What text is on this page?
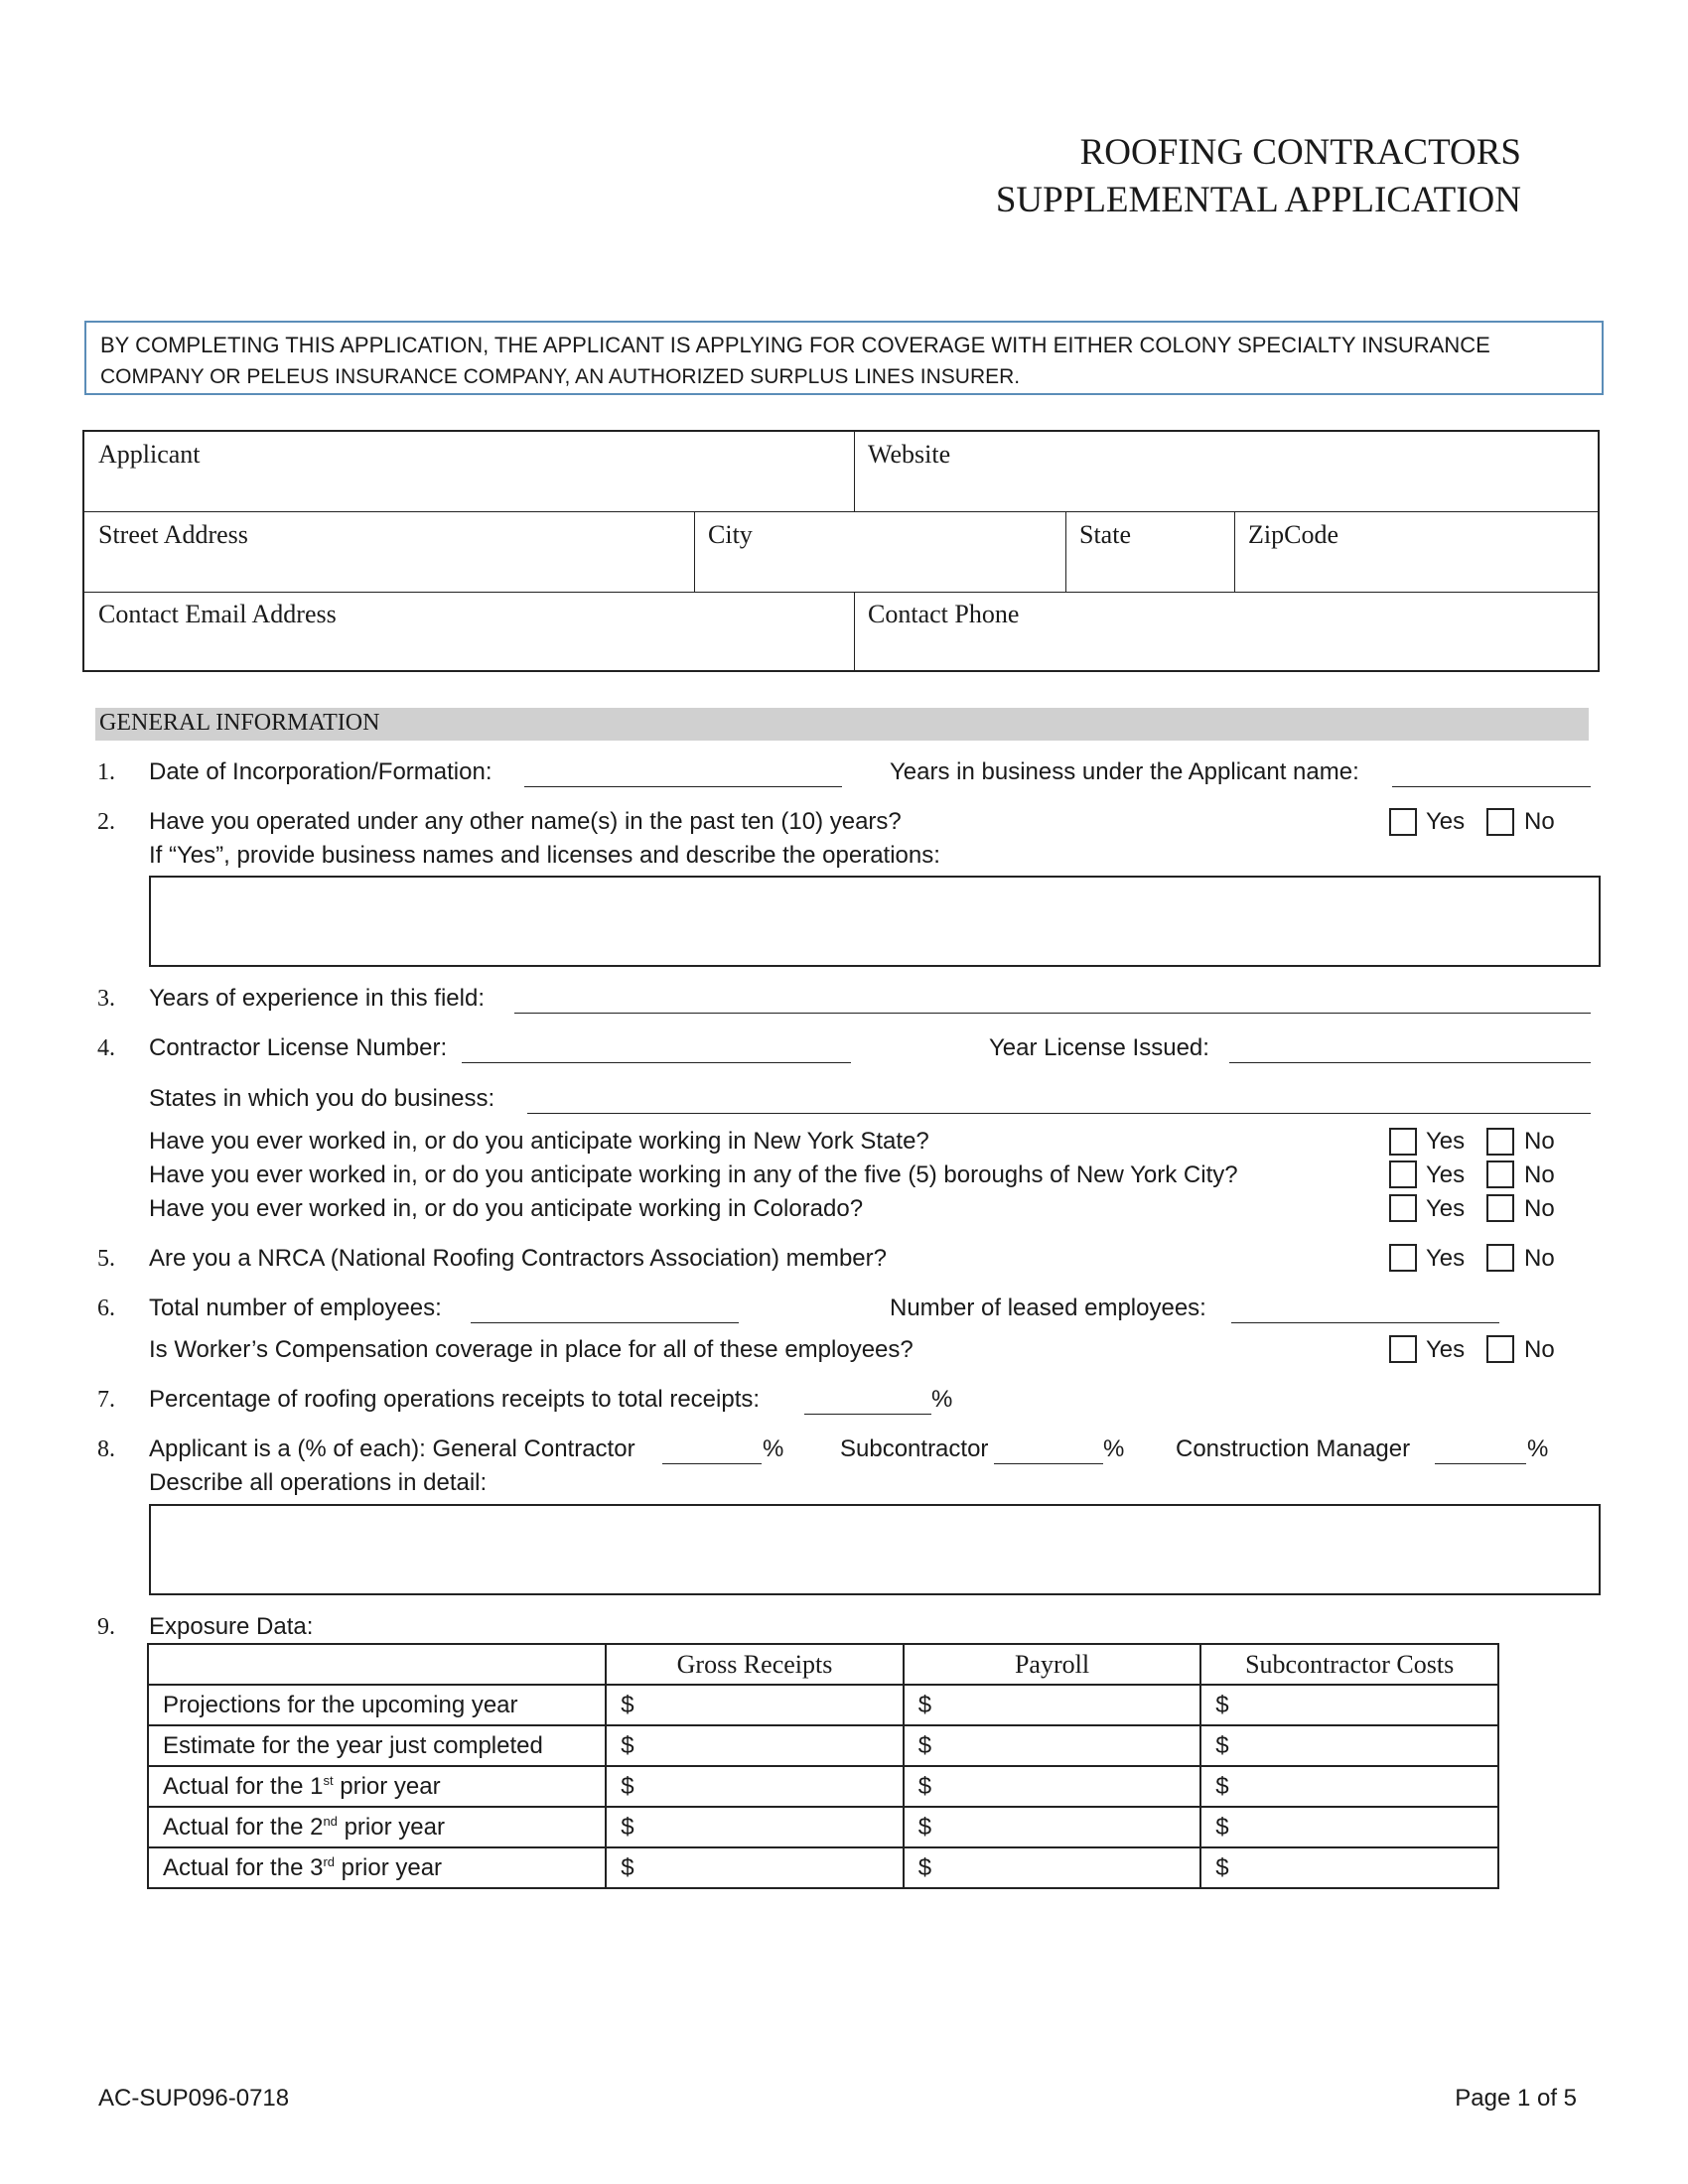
ROOFING CONTRACTORS
SUPPLEMENTAL APPLICATION
BY COMPLETING THIS APPLICATION, THE APPLICANT IS APPLYING FOR COVERAGE WITH EITHER COLONY SPECIALTY INSURANCE
COMPANY OR PELEUS INSURANCE COMPANY, AN AUTHORIZED SURPLUS LINES INSURER.
Applicant	Website
Street Address	City	State	ZipCode
Contact Email Address	Contact Phone
GENERAL INFORMATION
1. Date of Incorporation/Formation:	Years in business under the Applicant name:
2. Have you operated under any other name(s) in the past ten (10) years?
If “Yes”, provide business names and licenses and describe the operations:
Yes No
3. Years of experience in this field:
4. Contractor License Number:	Year License Issued:
States in which you do business:
Have you ever worked in, or do you anticipate working in New York State?	Yes No
Have you ever worked in, or do you anticipate working in any of the five (5) boroughs of New York City?	Yes No
Have you ever worked in, or do you anticipate working in Colorado?	Yes No
5. Are you a NRCA (National Roofing Contractors Association) member?	Yes No
6. Total number of employees:	Number of leased employees:
Is Worker’s Compensation coverage in place for all of these employees?	Yes No
7. Percentage of roofing operations receipts to total receipts:	%
8. Applicant is a (% of each): General Contractor	% Subcontractor	% Construction Manager	%
Describe all operations in detail:
9. Exposure Data:
	Gross Receipts	Payroll	Subcontractor Costs
Projections for the upcoming year	$	$	$
Estimate for the year just completed	$	$	$
Actual for the 1st prior year	$	$	$
Actual for the 2nd prior year	$	$	$
Actual for the 3rd prior year	$	$	$
AC-SUP096-0718	Page 1 of 5
